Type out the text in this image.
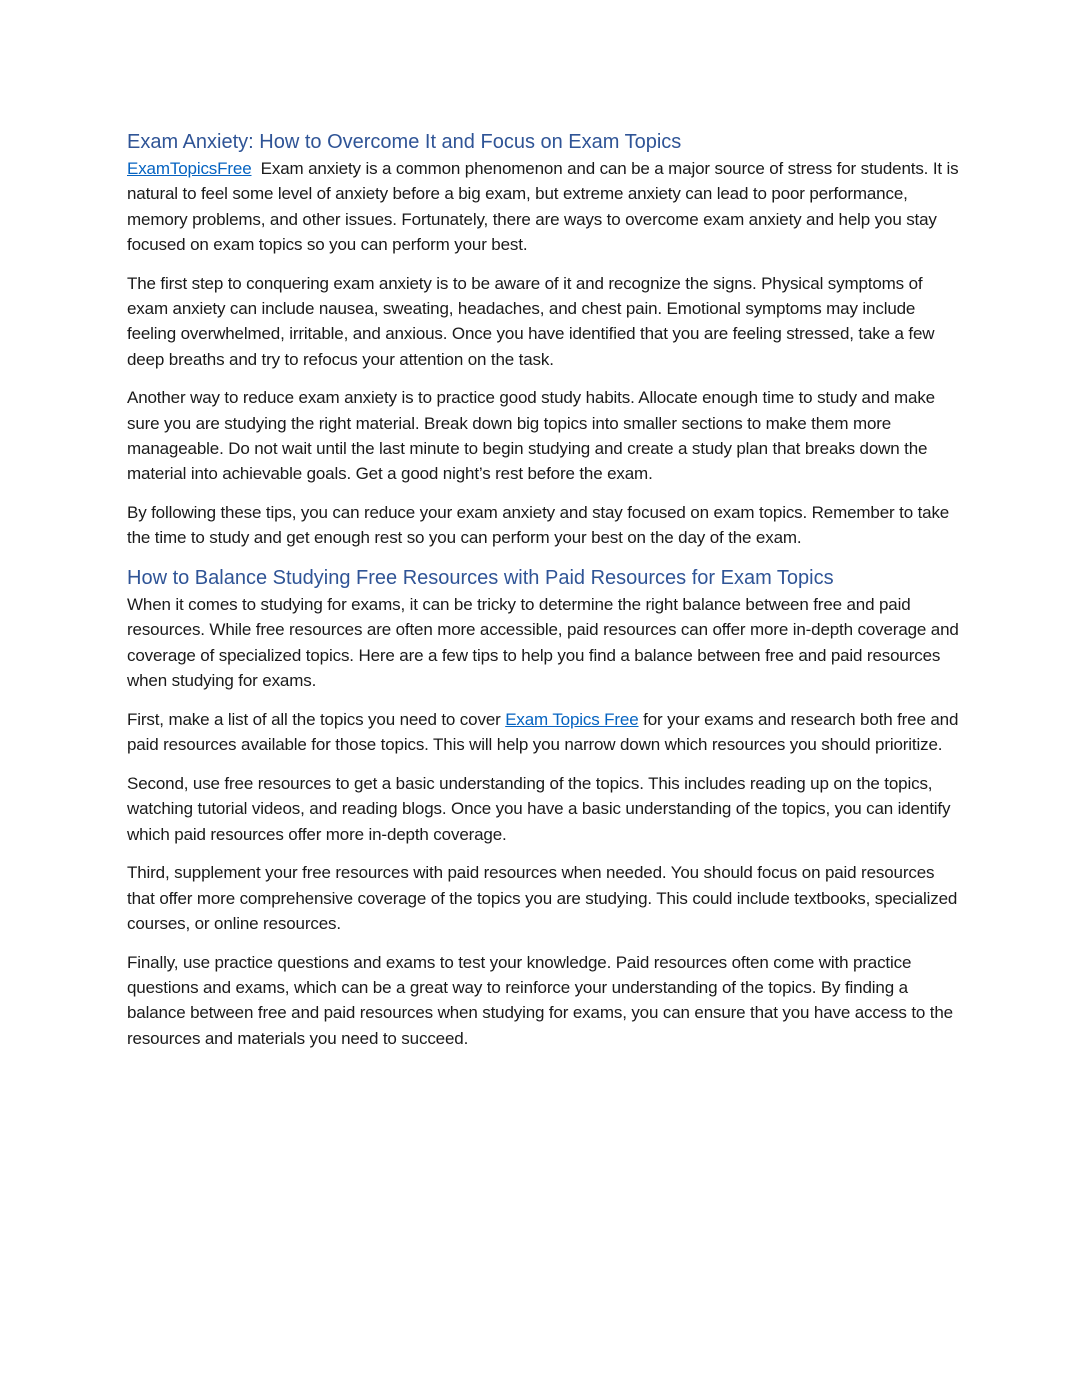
Exam Anxiety: How to Overcome It and Focus on Exam Topics

ExamTopicsFree Exam anxiety is a common phenomenon and can be a major source of stress for students. It is natural to feel some level of anxiety before a big exam, but extreme anxiety can lead to poor performance, memory problems, and other issues. Fortunately, there are ways to overcome exam anxiety and help you stay focused on exam topics so you can perform your best.

The first step to conquering exam anxiety is to be aware of it and recognize the signs. Physical symptoms of exam anxiety can include nausea, sweating, headaches, and chest pain. Emotional symptoms may include feeling overwhelmed, irritable, and anxious. Once you have identified that you are feeling stressed, take a few deep breaths and try to refocus your attention on the task.

Another way to reduce exam anxiety is to practice good study habits. Allocate enough time to study and make sure you are studying the right material. Break down big topics into smaller sections to make them more manageable. Do not wait until the last minute to begin studying and create a study plan that breaks down the material into achievable goals. Get a good night’s rest before the exam.

By following these tips, you can reduce your exam anxiety and stay focused on exam topics. Remember to take the time to study and get enough rest so you can perform your best on the day of the exam.

How to Balance Studying Free Resources with Paid Resources for Exam Topics

When it comes to studying for exams, it can be tricky to determine the right balance between free and paid resources. While free resources are often more accessible, paid resources can offer more in-depth coverage and coverage of specialized topics. Here are a few tips to help you find a balance between free and paid resources when studying for exams.

First, make a list of all the topics you need to cover Exam Topics Free for your exams and research both free and paid resources available for those topics. This will help you narrow down which resources you should prioritize.

Second, use free resources to get a basic understanding of the topics. This includes reading up on the topics, watching tutorial videos, and reading blogs. Once you have a basic understanding of the topics, you can identify which paid resources offer more in-depth coverage.

Third, supplement your free resources with paid resources when needed. You should focus on paid resources that offer more comprehensive coverage of the topics you are studying. This could include textbooks, specialized courses, or online resources.

Finally, use practice questions and exams to test your knowledge. Paid resources often come with practice questions and exams, which can be a great way to reinforce your understanding of the topics. By finding a balance between free and paid resources when studying for exams, you can ensure that you have access to the resources and materials you need to succeed.
